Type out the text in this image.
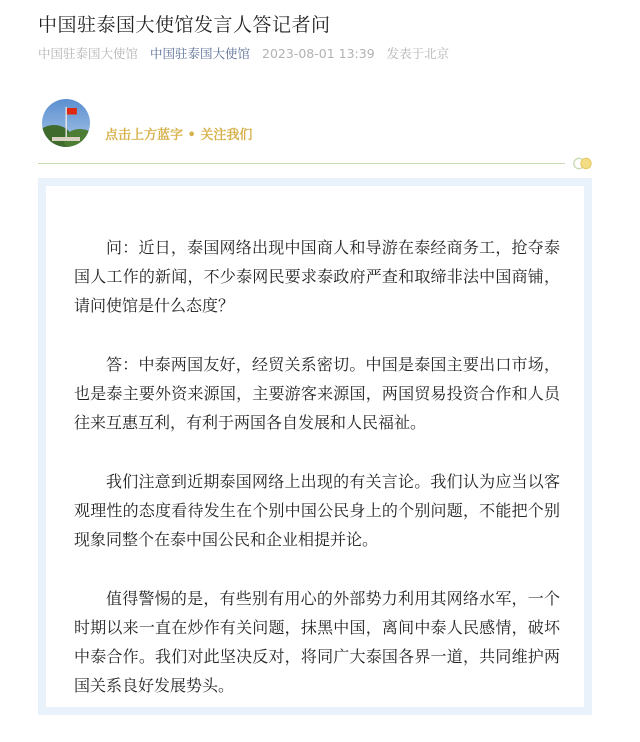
中国驻泰国大使馆发言人答记者问
中国驻泰国大使馆 中国驻泰国大使馆 2023-08-01 13:39 发表于北京
点击上方蓝字 • 关注我们

问：近日，泰国网络出现中国商人和导游在泰经商务工，抢夺泰国人工作的新闻，不少泰网民要求泰政府严查和取缔非法中国商铺，请问使馆是什么态度？

答：中泰两国友好，经贸关系密切。中国是泰国主要出口市场，也是泰主要外资来源国，主要游客来源国，两国贸易投资合作和人员往来互惠互利，有利于两国各自发展和人民福祉。

我们注意到近期泰国网络上出现的有关言论。我们认为应当以客观理性的态度看待发生在个别中国公民身上的个别问题，不能把个别现象同整个在泰中国公民和企业相提并论。

值得警惕的是，有些别有用心的外部势力利用其网络水军，一个时期以来一直在炒作有关问题，抹黑中国，离间中泰人民感情，破坏中泰合作。我们对此坚决反对，将同广大泰国各界一道，共同维护两国关系良好发展势头。
